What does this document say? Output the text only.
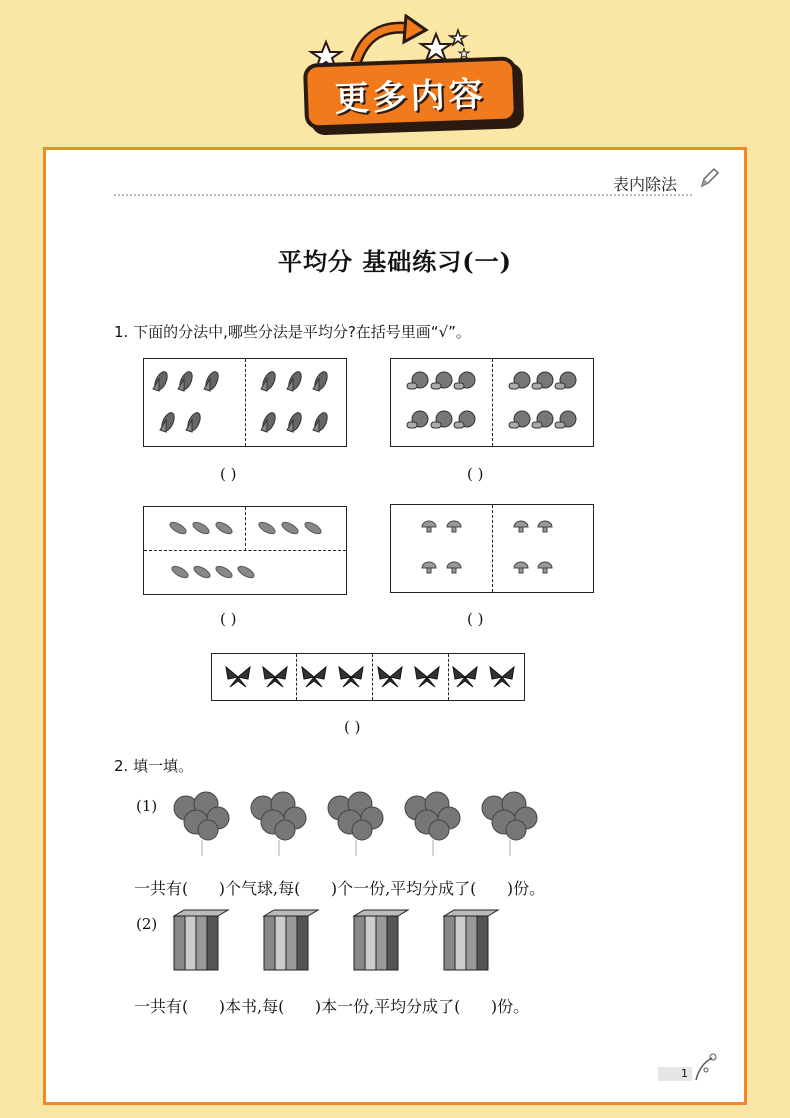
更多内容
表内除法
平均分 基础练习(一)
1. 下面的分法中,哪些分法是平均分?在括号里画“√”。
( )	( )
( )	( )
( )
2. 填一填。
(1)
一共有(      )个气球,每(      )个一份,平均分成了(      )份。
(2)
一共有(      )本书,每(      )本一份,平均分成了(      )份。
1
